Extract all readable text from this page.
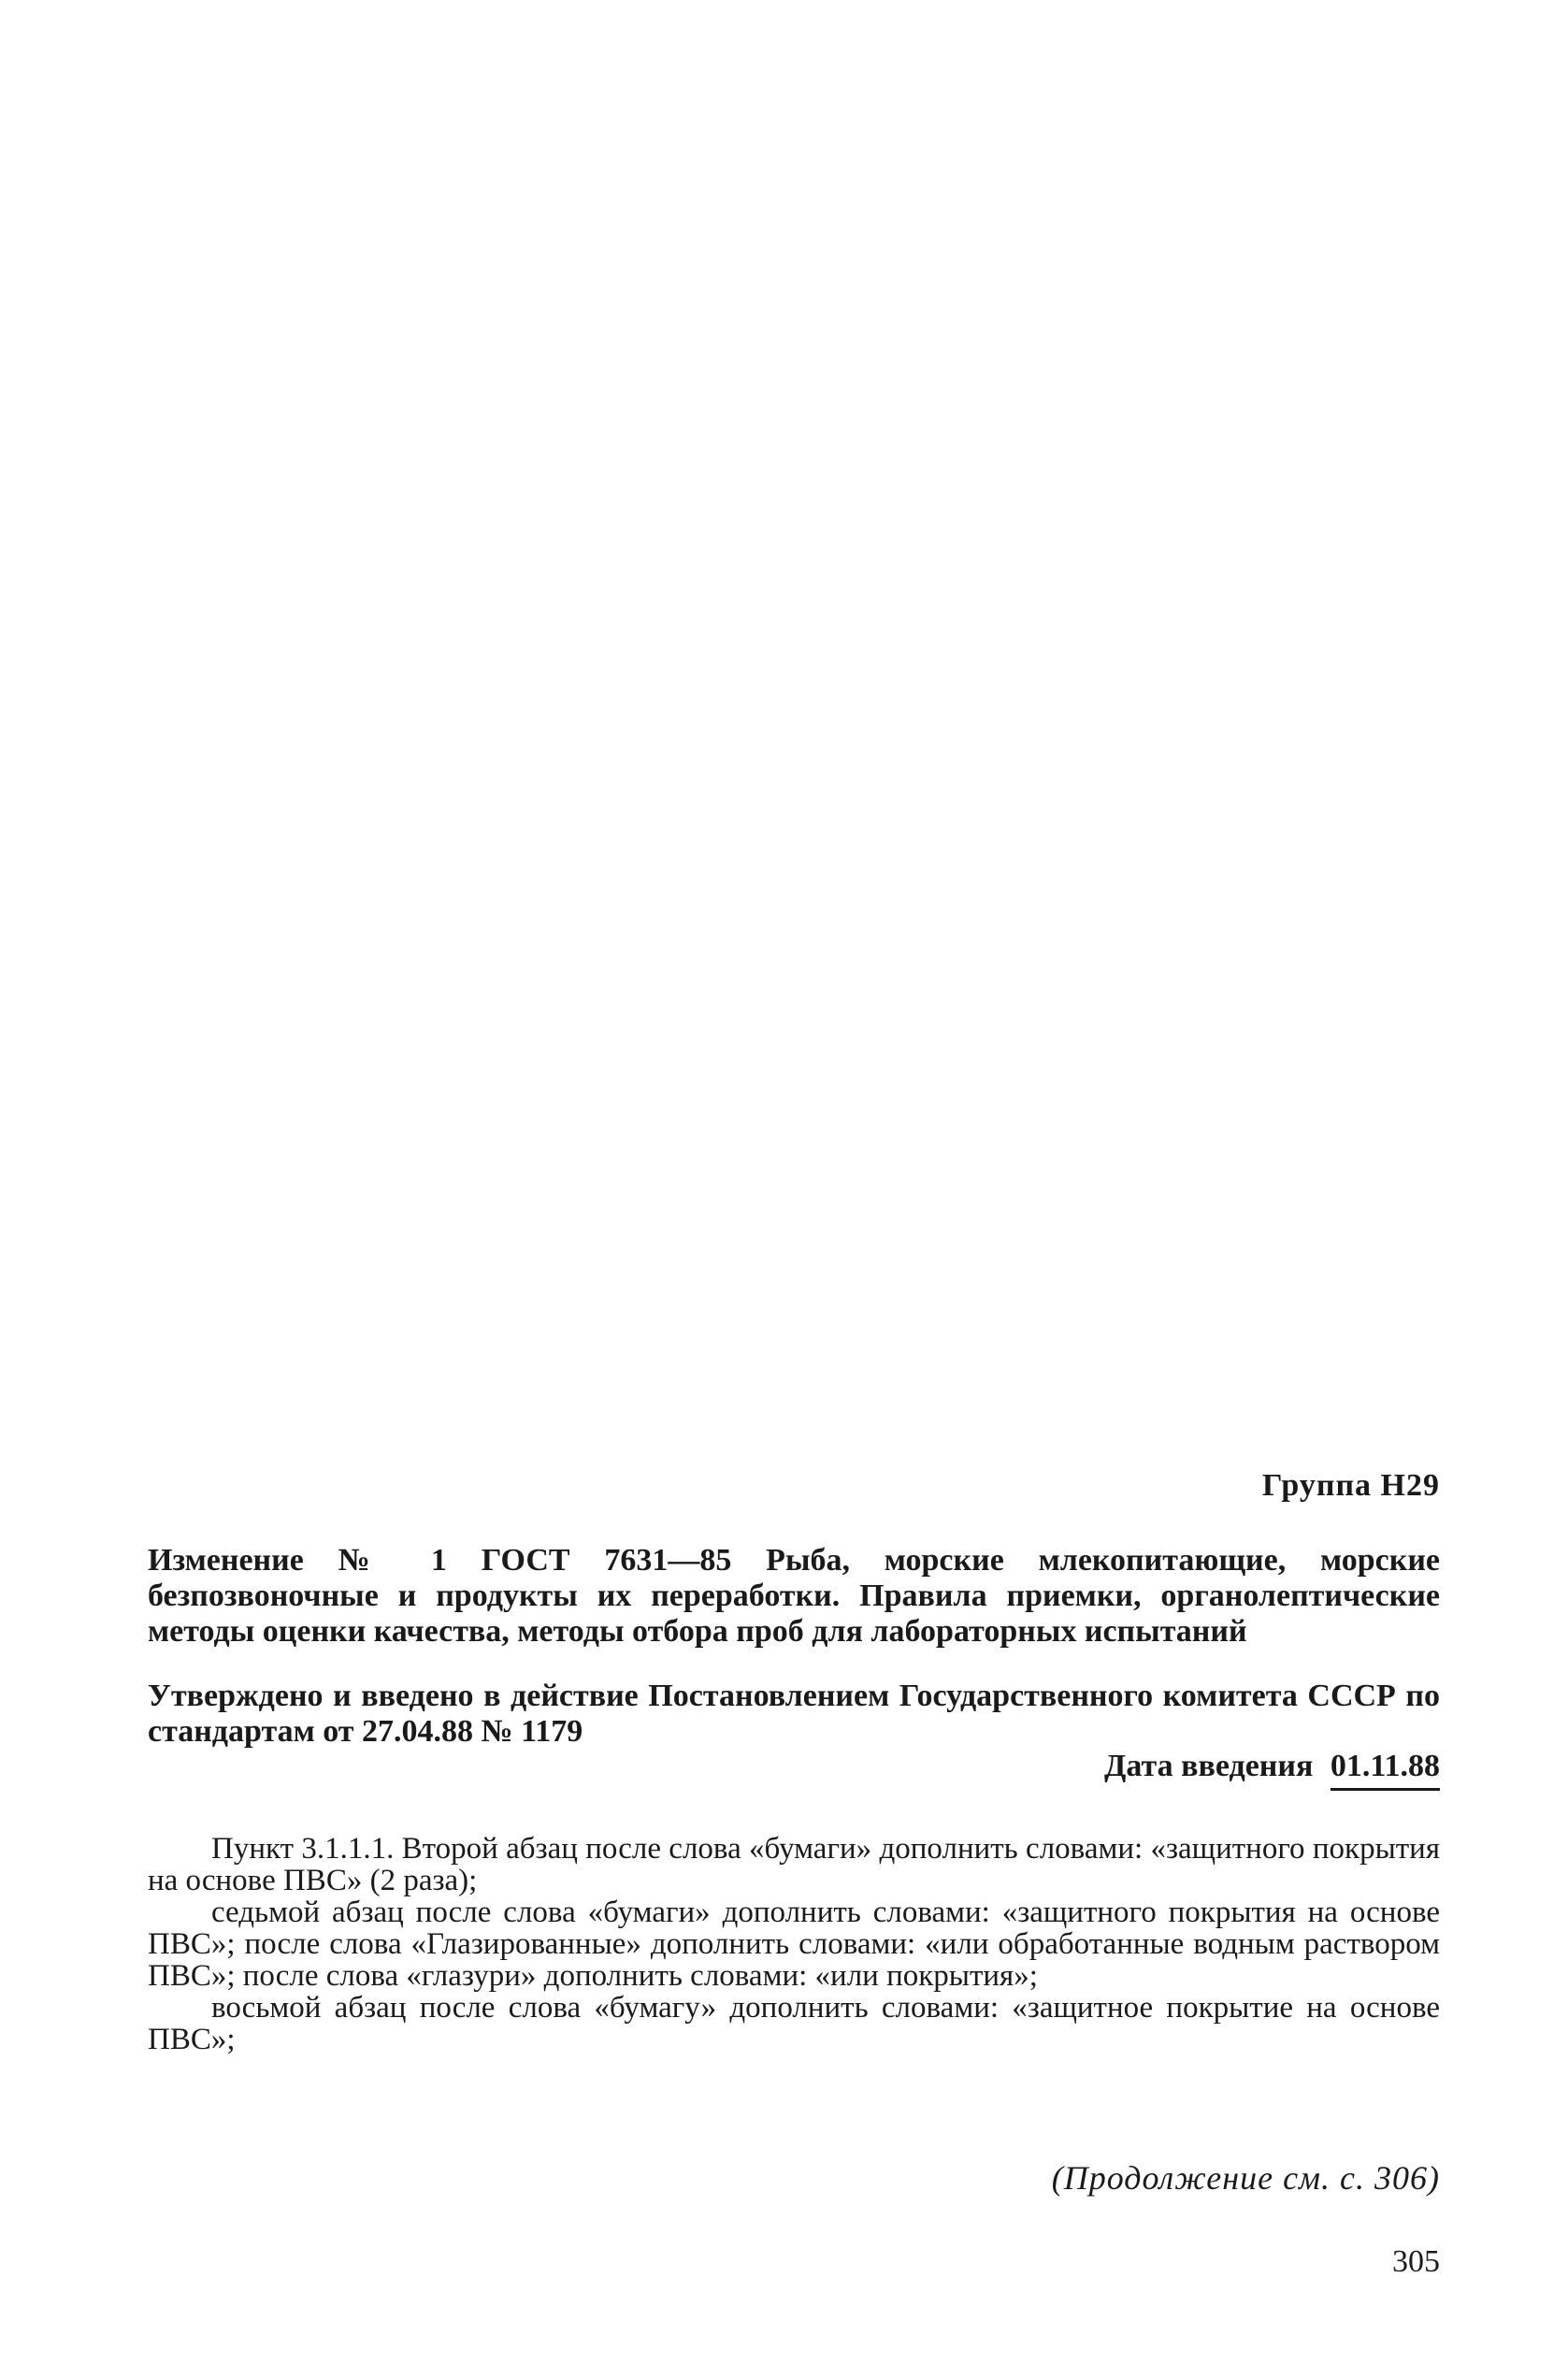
Группа Н29
Изменение № 1 ГОСТ 7631—85 Рыба, морские млекопитающие, морские безпозвоночные и продукты их переработки. Правила приемки, органолептические методы оценки качества, методы отбора проб для лабораторных испытаний
Утверждено и введено в действие Постановлением Государственного комитета СССР по стандартам от 27.04.88 № 1179
Дата введения 01.11.88

Пункт 3.1.1.1. Второй абзац после слова «бумаги» дополнить словами: «защитного покрытия на основе ПВС» (2 раза);

седьмой абзац после слова «бумаги» дополнить словами: «защитного покрытия на основе ПВС»; после слова «Глазированные» дополнить словами: «или обработанные водным раствором ПВС»; после слова «глазури» дополнить словами: «или покрытия»;

восьмой абзац после слова «бумагу» дополнить словами: «защитное покрытие на основе ПВС»;

(Продолжение см. с. 306)
305
